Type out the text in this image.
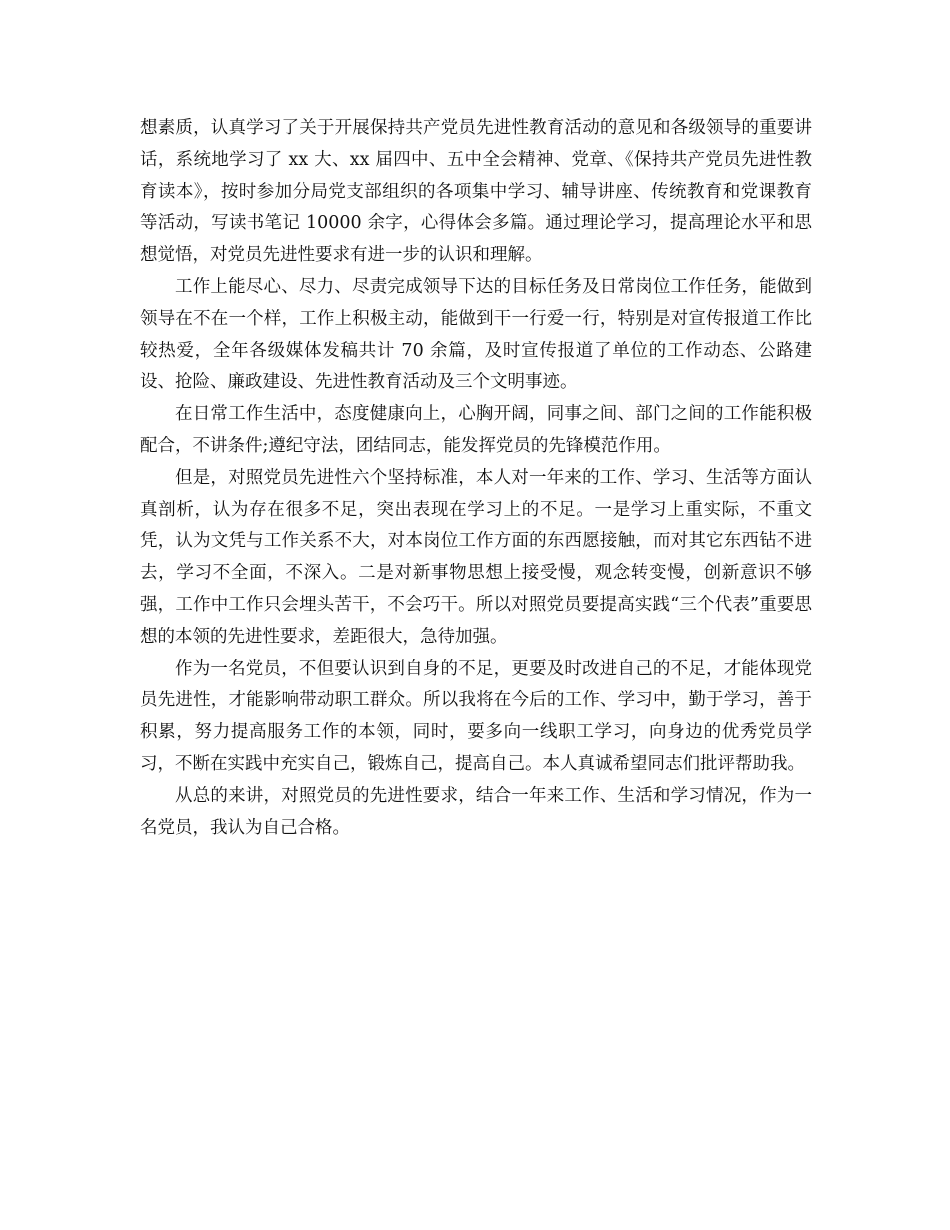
想素质，认真学习了关于开展保持共产党员先进性教育活动的意见和各级领导的重要讲话，系统地学习了 xx 大、xx 届四中、五中全会精神、党章、《保持共产党员先进性教育读本》，按时参加分局党支部组织的各项集中学习、辅导讲座、传统教育和党课教育等活动，写读书笔记 10000 余字，心得体会多篇。通过理论学习，提高理论水平和思想觉悟，对党员先进性要求有进一步的认识和理解。

工作上能尽心、尽力、尽责完成领导下达的目标任务及日常岗位工作任务，能做到领导在不在一个样，工作上积极主动，能做到干一行爱一行，特别是对宣传报道工作比较热爱，全年各级媒体发稿共计 70 余篇，及时宣传报道了单位的工作动态、公路建设、抢险、廉政建设、先进性教育活动及三个文明事迹。

在日常工作生活中，态度健康向上，心胸开阔，同事之间、部门之间的工作能积极配合，不讲条件;遵纪守法，团结同志，能发挥党员的先锋模范作用。

但是，对照党员先进性六个坚持标准，本人对一年来的工作、学习、生活等方面认真剖析，认为存在很多不足，突出表现在学习上的不足。一是学习上重实际，不重文凭，认为文凭与工作关系不大，对本岗位工作方面的东西愿接触，而对其它东西钻不进去，学习不全面，不深入。二是对新事物思想上接受慢，观念转变慢，创新意识不够强，工作中工作只会埋头苦干，不会巧干。所以对照党员要提高实践“三个代表”重要思想的本领的先进性要求，差距很大，急待加强。

作为一名党员，不但要认识到自身的不足，更要及时改进自己的不足，才能体现党员先进性，才能影响带动职工群众。所以我将在今后的工作、学习中，勤于学习，善于积累，努力提高服务工作的本领，同时，要多向一线职工学习，向身边的优秀党员学习，不断在实践中充实自己，锻炼自己，提高自己。本人真诚希望同志们批评帮助我。

从总的来讲，对照党员的先进性要求，结合一年来工作、生活和学习情况，作为一名党员，我认为自己合格。
